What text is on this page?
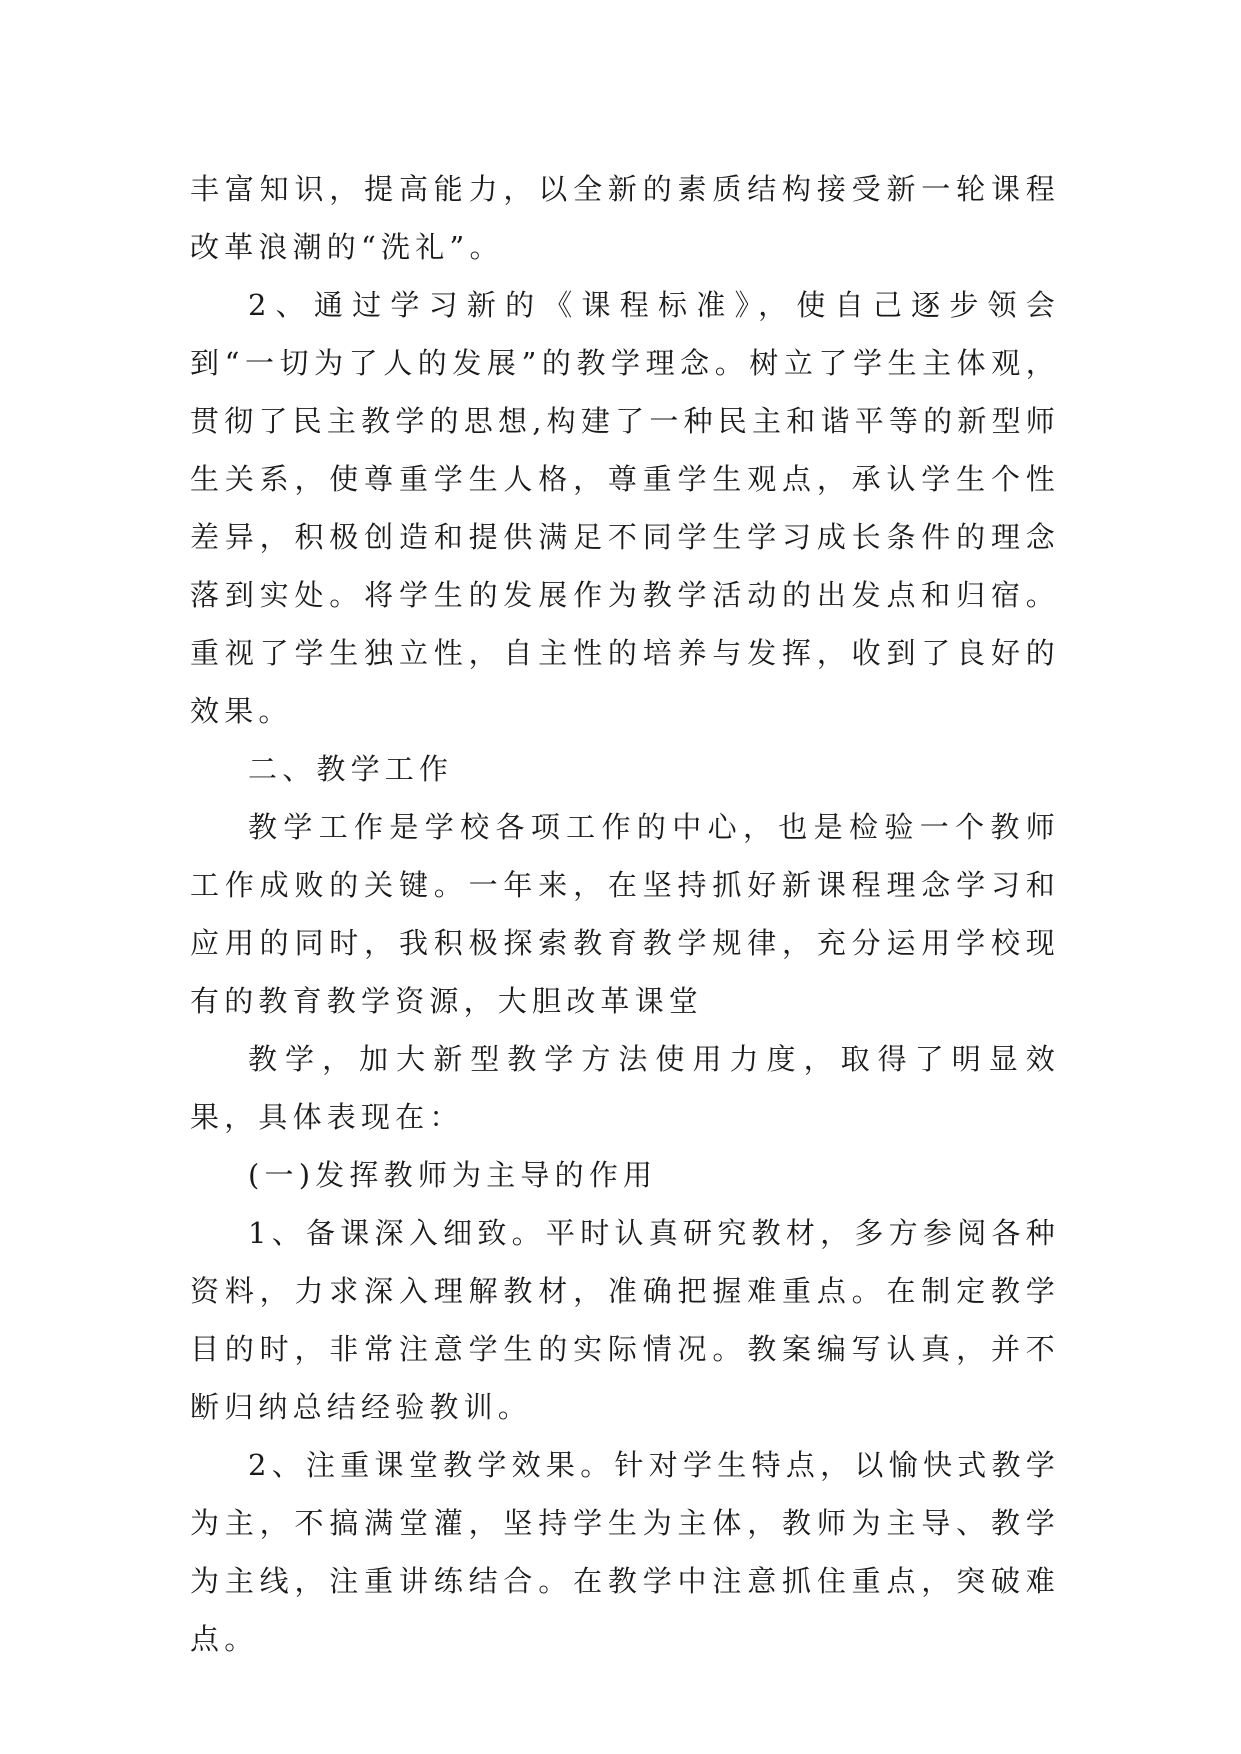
丰富知识，提高能力，以全新的素质结构接受新一轮课程改革浪潮的“洗礼”。

2、通过学习新的《课程标准》，使自己逐步领会到“一切为了人的发展”的教学理念。树立了学生主体观，贯彻了民主教学的思想,构建了一种民主和谐平等的新型师生关系，使尊重学生人格，尊重学生观点，承认学生个性差异，积极创造和提供满足不同学生学习成长条件的理念落到实处。将学生的发展作为教学活动的出发点和归宿。重视了学生独立性，自主性的培养与发挥，收到了良好的效果。

二、教学工作

教学工作是学校各项工作的中心，也是检验一个教师工作成败的关键。一年来，在坚持抓好新课程理念学习和应用的同时，我积极探索教育教学规律，充分运用学校现有的教育教学资源，大胆改革课堂

教学，加大新型教学方法使用力度，取得了明显效果，具体表现在：

(一)发挥教师为主导的作用

1、备课深入细致。平时认真研究教材，多方参阅各种资料，力求深入理解教材，准确把握难重点。在制定教学目的时，非常注意学生的实际情况。教案编写认真，并不断归纳总结经验教训。

2、注重课堂教学效果。针对学生特点，以愉快式教学为主，不搞满堂灌，坚持学生为主体，教师为主导、教学为主线，注重讲练结合。在教学中注意抓住重点，突破难点。
